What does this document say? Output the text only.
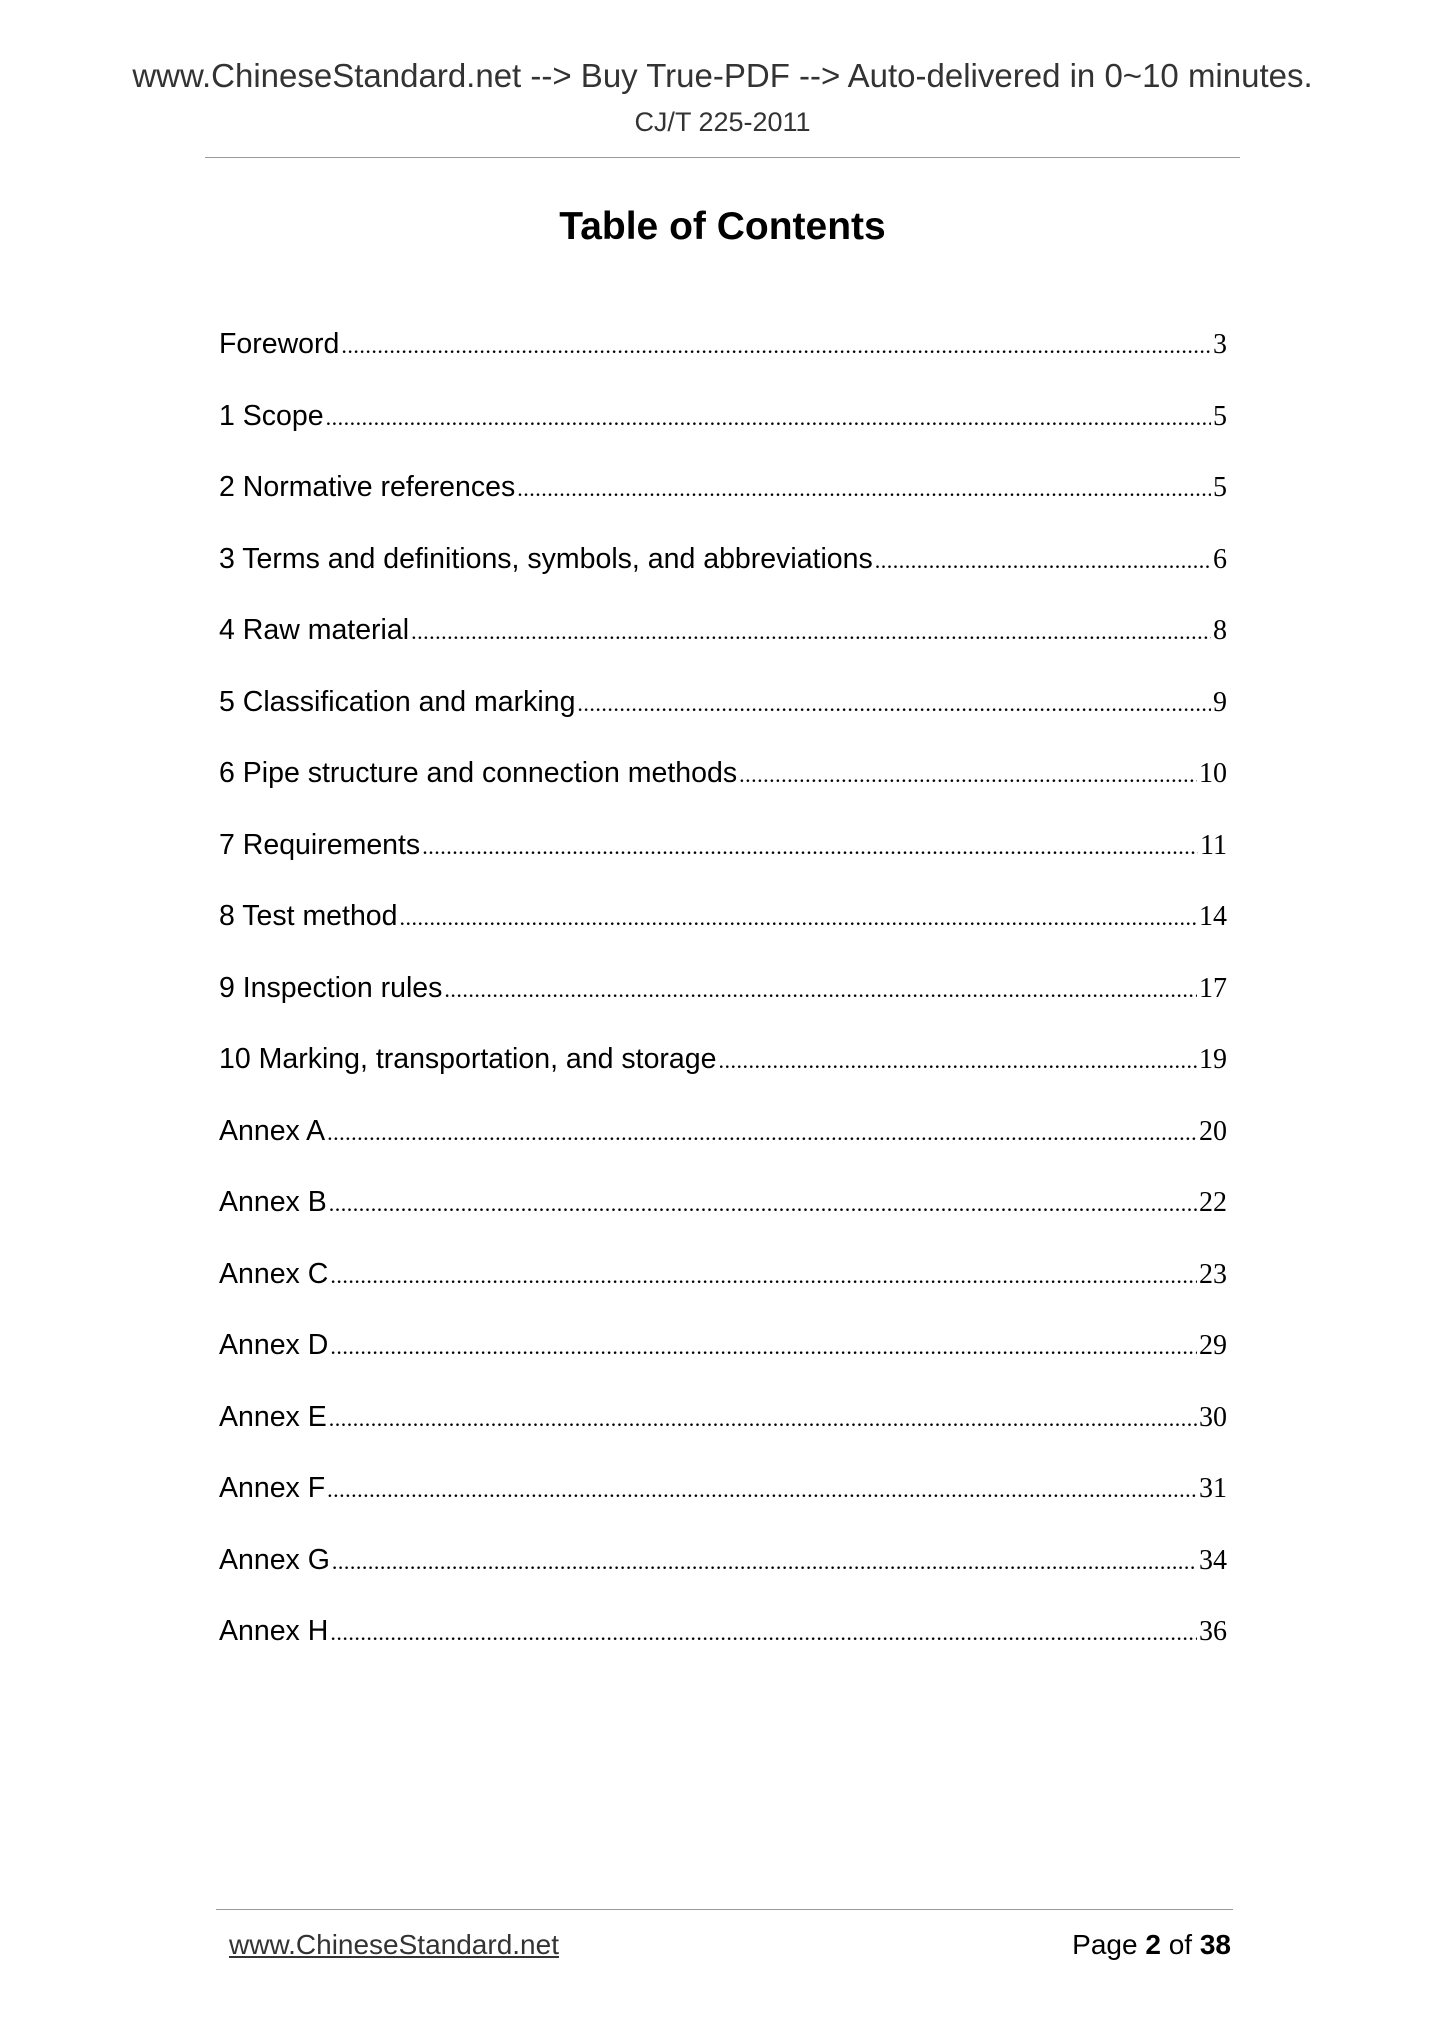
www.ChineseStandard.net --> Buy True-PDF --> Auto-delivered in 0~10 minutes.
CJ/T 225-2011
Table of Contents
Foreword .....	3
1 Scope .....	5
2 Normative references .....	5
3 Terms and definitions, symbols, and abbreviations .....	6
4 Raw material .....	8
5 Classification and marking .....	9
6 Pipe structure and connection methods .....	10
7 Requirements .....	11
8 Test method .....	14
9 Inspection rules .....	17
10 Marking, transportation, and storage .....	19
Annex A .....	20
Annex B .....	22
Annex C .....	23
Annex D .....	29
Annex E .....	30
Annex F .....	31
Annex G .....	34
Annex H .....	36
www.ChineseStandard.net	Page 2 of 38
